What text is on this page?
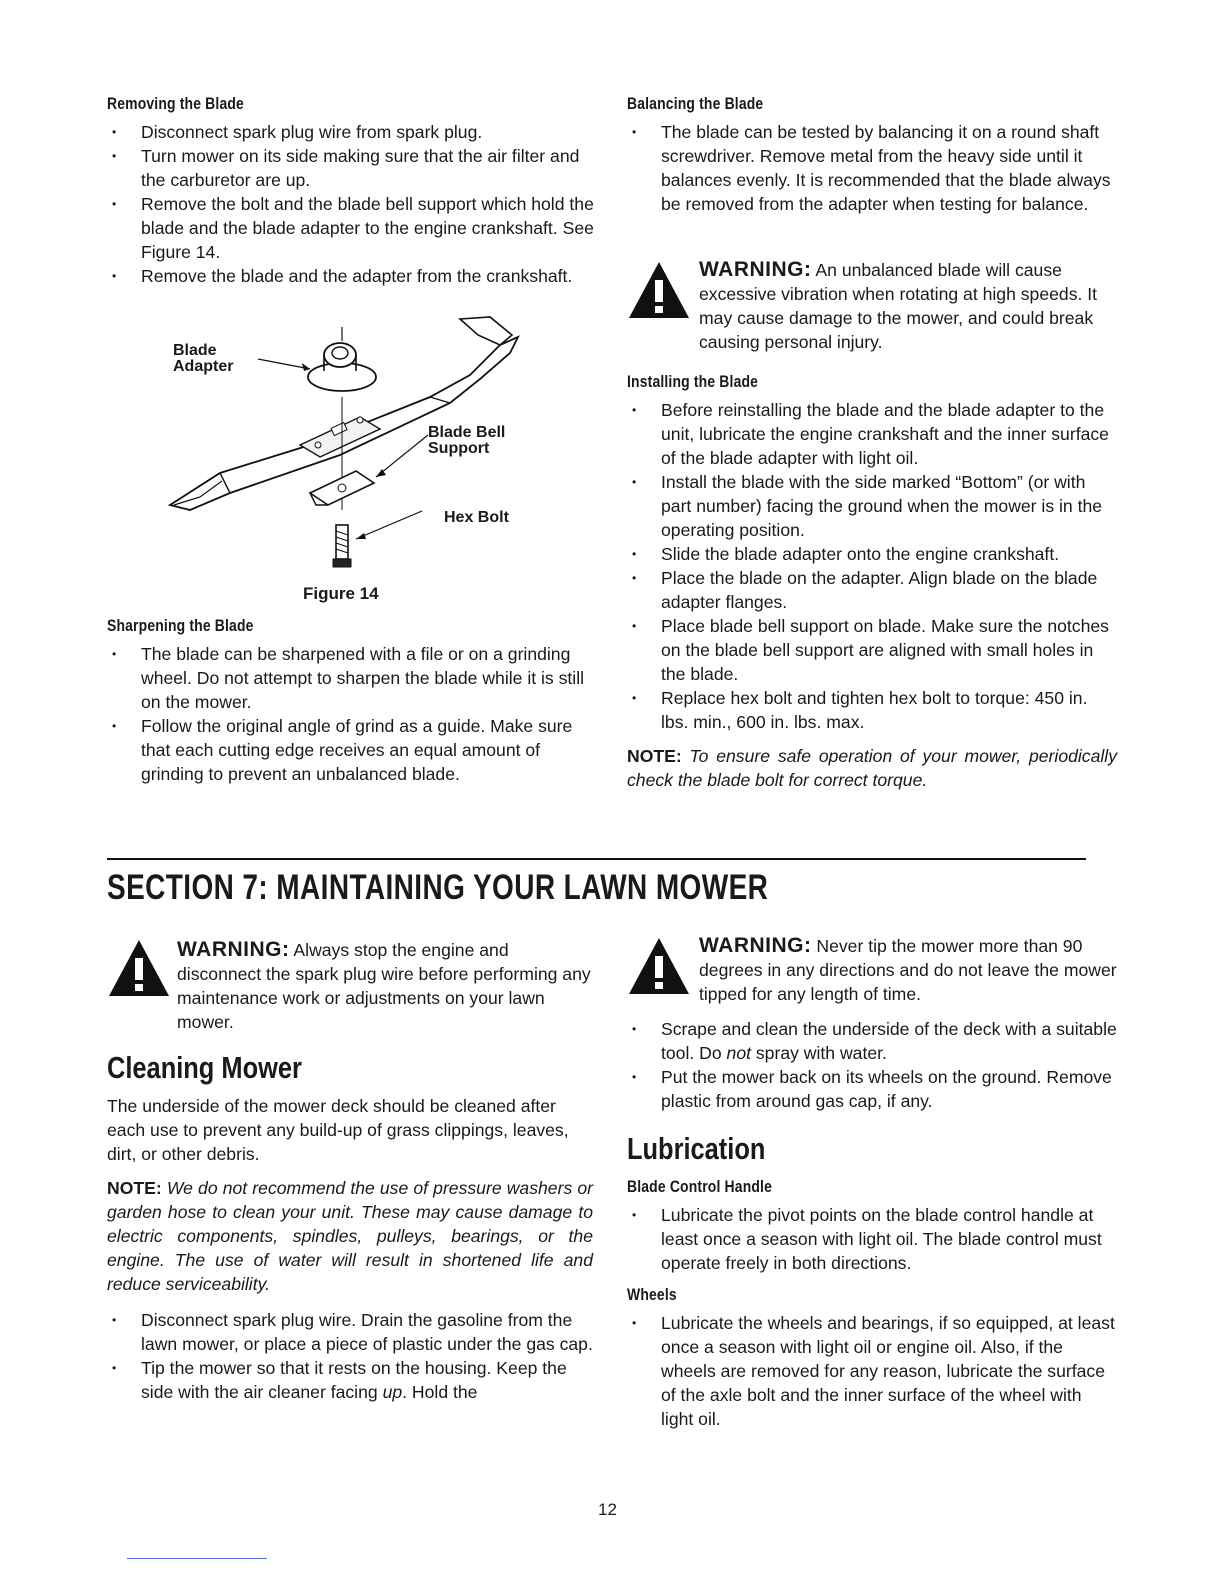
Removing the Blade
• Disconnect spark plug wire from spark plug.
• Turn mower on its side making sure that the air filter and the carburetor are up.
• Remove the bolt and the blade bell support which hold the blade and the blade adapter to the engine crankshaft. See Figure 14.
• Remove the blade and the adapter from the crankshaft.
Blade
Adapter
Blade Bell
Support
Hex Bolt
Figure 14
Sharpening the Blade
• The blade can be sharpened with a file or on a grinding wheel. Do not attempt to sharpen the blade while it is still on the mower.
• Follow the original angle of grind as a guide. Make sure that each cutting edge receives an equal amount of grinding to prevent an unbalanced blade.
Balancing the Blade
• The blade can be tested by balancing it on a round shaft screwdriver. Remove metal from the heavy side until it balances evenly. It is recommended that the blade always be removed from the adapter when testing for balance.
WARNING: An unbalanced blade will cause excessive vibration when rotating at high speeds. It may cause damage to the mower, and could break causing personal injury.
Installing the Blade
• Before reinstalling the blade and the blade adapter to the unit, lubricate the engine crankshaft and the inner surface of the blade adapter with light oil.
• Install the blade with the side marked “Bottom” (or with part number) facing the ground when the mower is in the operating position.
• Slide the blade adapter onto the engine crankshaft.
• Place the blade on the adapter. Align blade on the blade adapter flanges.
• Place blade bell support on blade. Make sure the notches on the blade bell support are aligned with small holes in the blade.
• Replace hex bolt and tighten hex bolt to torque: 450 in. lbs. min., 600 in. lbs. max.

NOTE: To ensure safe operation of your mower, periodically check the blade bolt for correct torque.

SECTION 7: MAINTAINING YOUR LAWN MOWER
WARNING: Always stop the engine and disconnect the spark plug wire before performing any maintenance work or adjustments on your lawn mower.
Cleaning Mower

The underside of the mower deck should be cleaned after each use to prevent any build-up of grass clippings, leaves, dirt, or other debris.

NOTE: We do not recommend the use of pressure washers or garden hose to clean your unit. These may cause damage to electric components, spindles, pulleys, bearings, or the engine. The use of water will result in shortened life and reduce serviceability.

• Disconnect spark plug wire. Drain the gasoline from the lawn mower, or place a piece of plastic under the gas cap.
• Tip the mower so that it rests on the housing. Keep the side with the air cleaner facing up. Hold the
WARNING: Never tip the mower more than 90 degrees in any directions and do not leave the mower tipped for any length of time.
• Scrape and clean the underside of the deck with a suitable tool. Do not spray with water.
• Put the mower back on its wheels on the ground. Remove plastic from around gas cap, if any.
Lubrication
Blade Control Handle
• Lubricate the pivot points on the blade control handle at least once a season with light oil. The blade control must operate freely in both directions.
Wheels
• Lubricate the wheels and bearings, if so equipped, at least once a season with light oil or engine oil. Also, if the wheels are removed for any reason, lubricate the surface of the axle bolt and the inner surface of the wheel with light oil.
12
